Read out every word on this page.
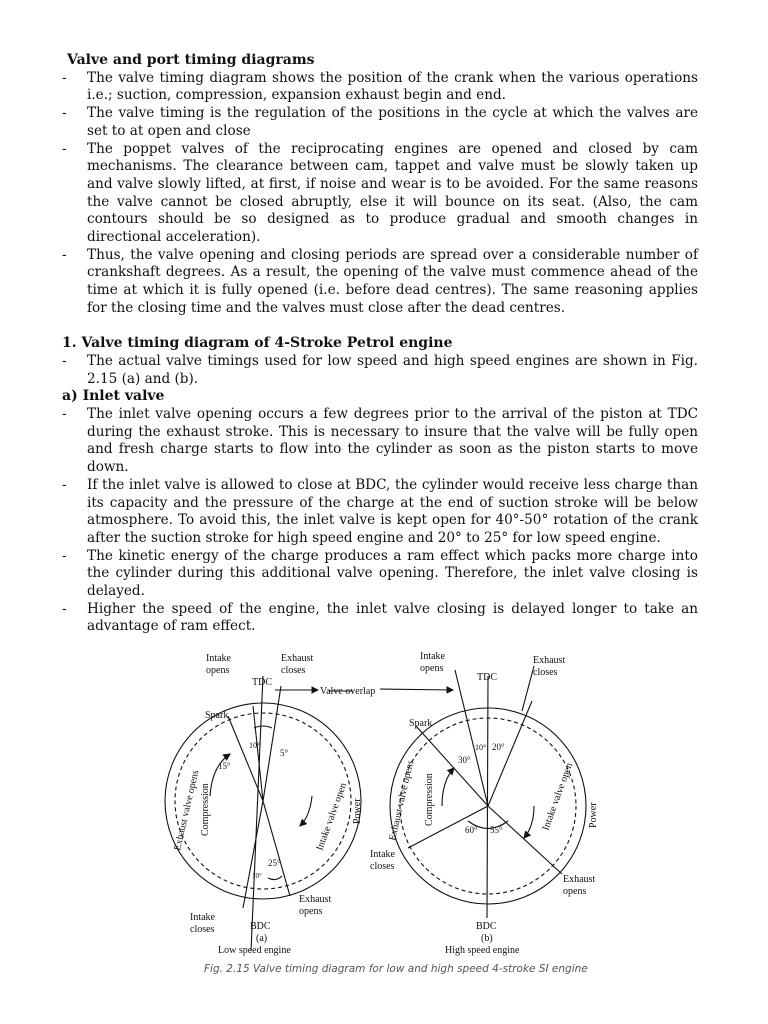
Valve and port timing diagrams

- The valve timing diagram shows the position of the crank when the various operations i.e.; suction, compression, expansion exhaust begin and end.
- The valve timing is the regulation of the positions in the cycle at which the valves are set to at open and close
- The poppet valves of the reciprocating engines are opened and closed by cam mechanisms. The clearance between cam, tappet and valve must be slowly taken up and valve slowly lifted, at first, if noise and wear is to be avoided. For the same reasons the valve cannot be closed abruptly, else it will bounce on its seat. (Also, the cam contours should be so designed as to produce gradual and smooth changes in directional acceleration).
- Thus, the valve opening and closing periods are spread over a considerable number of crankshaft degrees. As a result, the opening of the valve must commence ahead of the time at which it is fully opened (i.e. before dead centres). The same reasoning applies for the closing time and the valves must close after the dead centres.

1. Valve timing diagram of 4-Stroke Petrol engine

- The actual valve timings used for low speed and high speed engines are shown in Fig. 2.15 (a) and (b).

a) Inlet valve

- The inlet valve opening occurs a few degrees prior to the arrival of the piston at TDC during the exhaust stroke. This is necessary to insure that the valve will be fully open and fresh charge starts to flow into the cylinder as soon as the piston starts to move down.
- If the inlet valve is allowed to close at BDC, the cylinder would receive less charge than its capacity and the pressure of the charge at the end of suction stroke will be below atmosphere. To avoid this, the inlet valve is kept open for 40°-50° rotation of the crank after the suction stroke for high speed engine and 20° to 25° for low speed engine.
- The kinetic energy of the charge produces a ram effect which packs more charge into the cylinder during this additional valve opening. Therefore, the inlet valve closing is delayed.
- Higher the speed of the engine, the inlet valve closing is delayed longer to take an advantage of ram effect.
Intake
opens
Exhaust
closes
TDC
Valve overlap
Spark
10°
5°
15°
Exhaust valve opens
Compression	Intake valve open Power
25°
10°
Exhaust
opens
Intake
closes	BDC
(a)
Low speed engine
Intake
opens
Exhaust
closes
TDC
Spark
30°
10° 20°
Exhaust valve opens Compression	Intake valve open Power
60° 55°
Intake
closes
Exhaust
opens
BDC
(b)
High speed engine
Fig. 2.15 Valve timing diagram for low and high speed 4-stroke SI engine
